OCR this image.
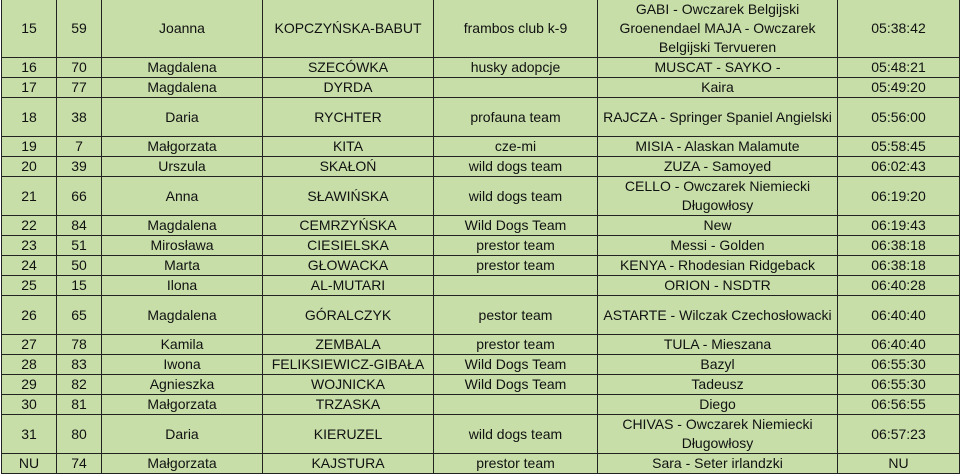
15	59	Joanna	KOPCZYŃSKA-BABUT	frambos club k-9	GABI - Owczarek Belgijski Groenendael MAJA - Owczarek Belgijski Tervueren	05:38:42
16	70	Magdalena	SZECÓWKA	husky adopcje	MUSCAT - SAYKO -	05:48:21
17	77	Magdalena	DYRDA		Kaira	05:49:20
18	38	Daria	RYCHTER	profauna team	RAJCZA - Springer Spaniel Angielski	05:56:00
19	7	Małgorzata	KITA	cze-mi	MISIA - Alaskan Malamute	05:58:45
20	39	Urszula	SKAŁOŃ	wild dogs team	ZUZA - Samoyed	06:02:43
21	66	Anna	SŁAWIŃSKA	wild dogs team	CELLO - Owczarek Niemiecki Długowłosy	06:19:20
22	84	Magdalena	CEMRZYŃSKA	Wild Dogs Team	New	06:19:43
23	51	Mirosława	CIESIELSKA	prestor team	Messi - Golden	06:38:18
24	50	Marta	GŁOWACKA	prestor team	KENYA - Rhodesian Ridgeback	06:38:18
25	15	Ilona	AL-MUTARI		ORION - NSDTR	06:40:28
26	65	Magdalena	GÓRALCZYK	pestor team	ASTARTE - Wilczak Czechosłowacki	06:40:40
27	78	Kamila	ZEMBALA	prestor team	TULA - Mieszana	06:40:40
28	83	Iwona	FELIKSIEWICZ-GIBAŁA	Wild Dogs Team	Bazyl	06:55:30
29	82	Agnieszka	WOJNICKA	Wild Dogs Team	Tadeusz	06:55:30
30	81	Małgorzata	TRZASKA		Diego	06:56:55
31	80	Daria	KIERUZEL	wild dogs team	CHIVAS - Owczarek Niemiecki Długowłosy	06:57:23
NU	74	Małgorzata	KAJSTURA	prestor team	Sara - Seter irlandzki	NU
